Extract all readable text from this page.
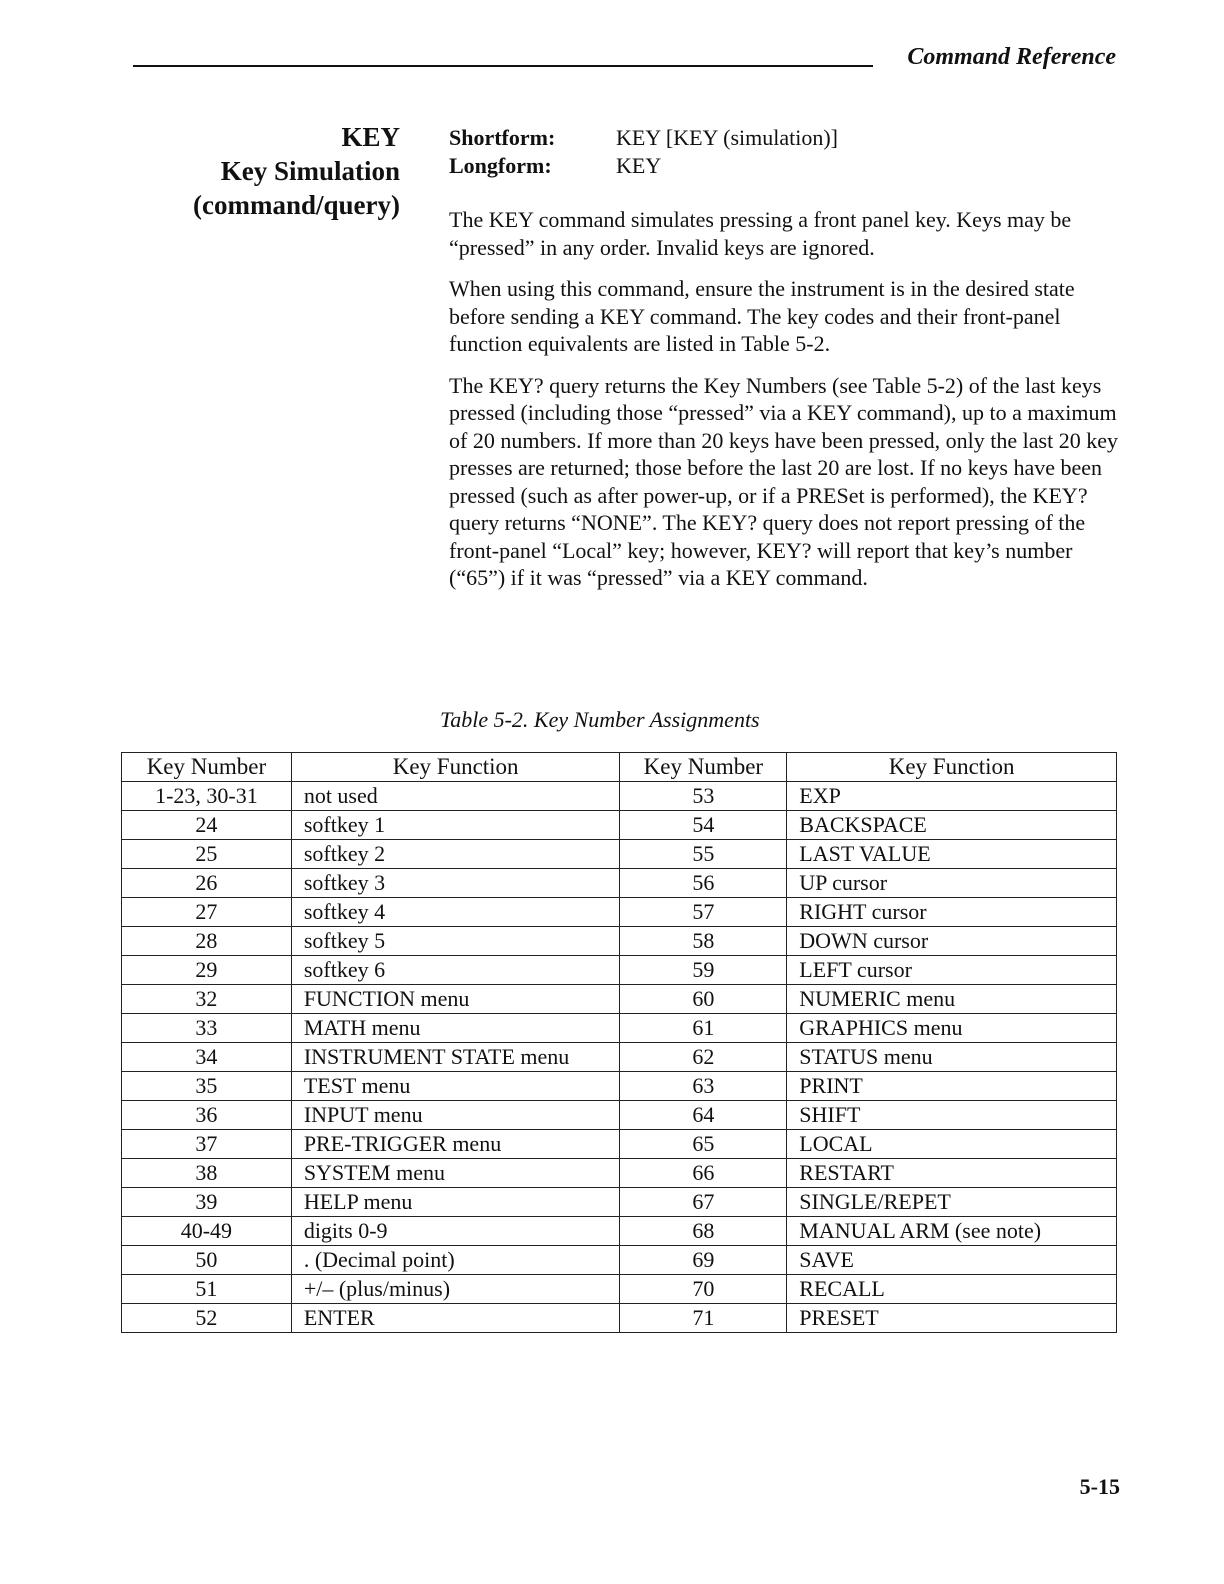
Command Reference
KEY
Key Simulation
(command/query)
Shortform:	KEY [KEY (simulation)]
Longform:	KEY

The KEY command simulates pressing a front panel key. Keys may be “pressed” in any order. Invalid keys are ignored.

When using this command, ensure the instrument is in the desired state before sending a KEY command. The key codes and their front-panel function equivalents are listed in Table 5-2.

The KEY? query returns the Key Numbers (see Table 5-2) of the last keys pressed (including those “pressed” via a KEY command), up to a maximum of 20 numbers. If more than 20 keys have been pressed, only the last 20 key presses are returned; those before the last 20 are lost. If no keys have been pressed (such as after power-up, or if a PRESet is performed), the KEY? query returns “NONE”. The KEY? query does not report pressing of the front-panel “Local” key; however, KEY? will report that key’s number (“65”) if it was “pressed” via a KEY command.

Table 5-2. Key Number Assignments
Key Number	Key Function	Key Number	Key Function
1-23, 30-31	not used	53	EXP
24	softkey 1	54	BACKSPACE
25	softkey 2	55	LAST VALUE
26	softkey 3	56	UP cursor
27	softkey 4	57	RIGHT cursor
28	softkey 5	58	DOWN cursor
29	softkey 6	59	LEFT cursor
32	FUNCTION menu	60	NUMERIC menu
33	MATH menu	61	GRAPHICS menu
34	INSTRUMENT STATE menu	62	STATUS menu
35	TEST menu	63	PRINT
36	INPUT menu	64	SHIFT
37	PRE-TRIGGER menu	65	LOCAL
38	SYSTEM menu	66	RESTART
39	HELP menu	67	SINGLE/REPET
40-49	digits 0-9	68	MANUAL ARM (see note)
50	. (Decimal point)	69	SAVE
51	+/– (plus/minus)	70	RECALL
52	ENTER	71	PRESET
5-15
